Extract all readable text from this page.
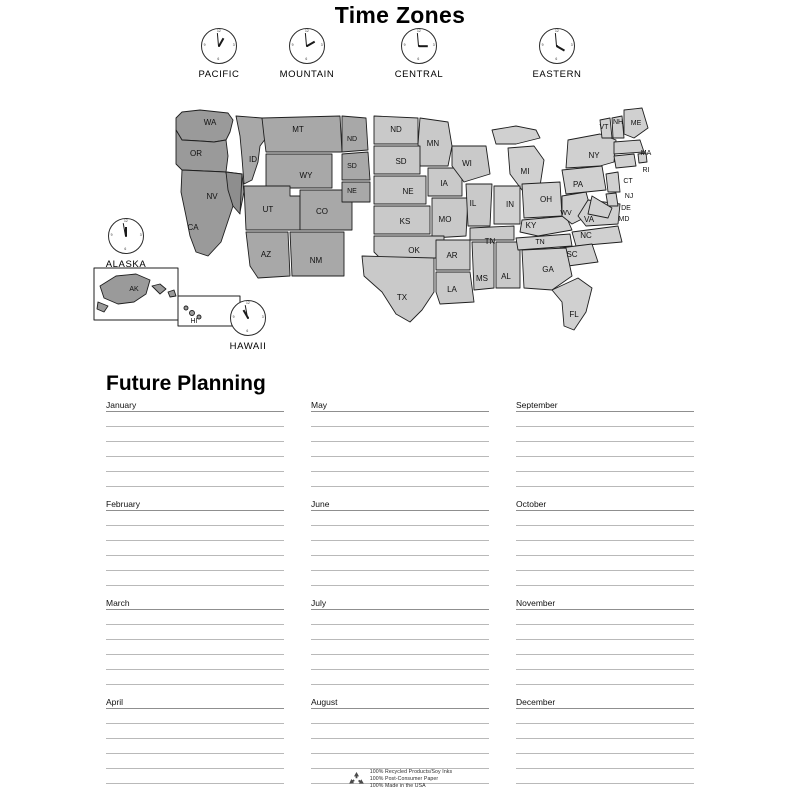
Time Zones
12
3
6
9
PACIFIC
12
3
6
9
MOUNTAIN
12
3
6
9
CENTRAL
12
3
6
9
EASTERN
WA
OR
CA
NV
ID
MT
WY
UT	CO
AZ
NM
ND
SD
NE
ND
SD
NE
KS
OK
TX
MN
IA
MO
AR
LA
WI
IL
MS AL
TN
MI
IN
OH
KY
TN
WV
VA
NC
SC
GA
FL
PA
NY
VT
NH ME
MA
CT
RI
NJ
DE
MD
AK
HI
12
3
6
9
ALASKA
12
3
6
9
HAWAII
Future Planning
January
February
March
April
May
June
July
August
September
October
November
December
100% Recycled Products/Soy Inks
100% Post-Consumer Paper
100% Made in the USA
